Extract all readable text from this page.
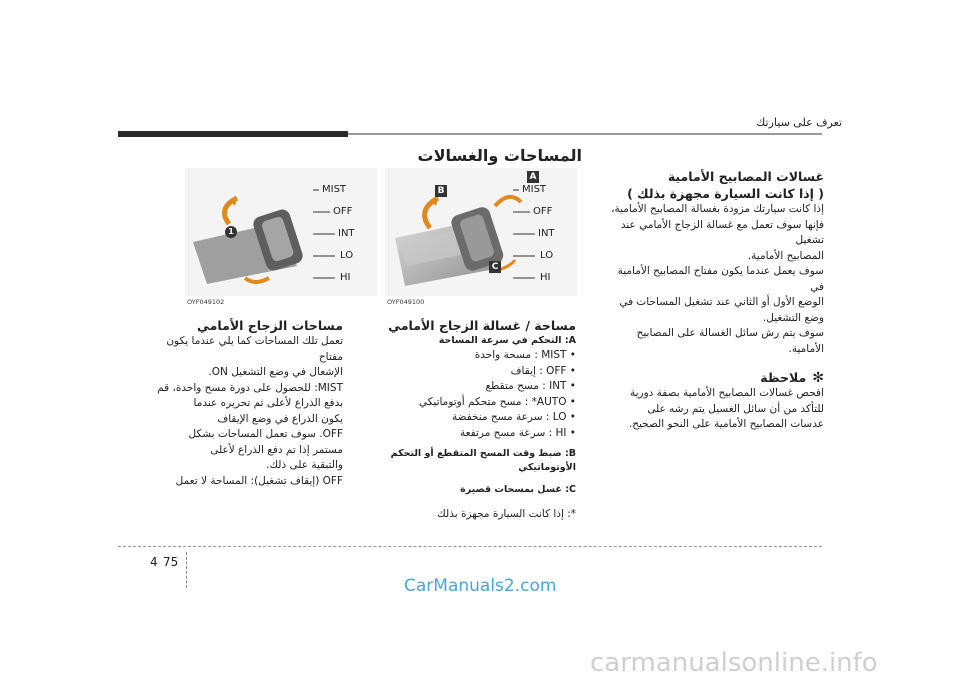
تعرف على سيارتك
المساحات والغسالات
غسالات المصابيح الأمامية
( إذا كانت السيارة مجهزة بذلك )

إذا كانت سيارتك مزودة بغسالة المصابيح الأمامية،

فإنها سوف تعمل مع غسالة الزجاج الأمامي عند تشغيل

المصابيح الأمامية.

سوف يعمل عندما يكون مفتاح المصابيح الأمامية في

الوضع الأول أو الثاني عند تشغيل المساحات في

وضع التشغيل.

سوف يتم رش سائل الغسالة على المصابيح الأمامية.

✻
ملاحظة

افحص غسالات المصابيح الأمامية بصفة دورية

للتأكد من أن سائل الغسيل يتم رشه على

عدسات المصابيح الأمامية على النحو الصحيح.

MIST
OFF
INT
LO
HI
A
B
C
OYF049100
مساحة / غسالة الزجاج الأمامي
A: التحكم في سرعة المساحة
• MIST : مسحة واحدة
• OFF : إيقاف
• INT : مسح متقطع
• AUTO* : مسح متحكم أوتوماتيكي
• LO : سرعة مسح منخفضة
• HI : سرعة مسح مرتفعة
B: ضبط وقت المسح المتقطع أو التحكم
الأوتوماتيكي
C: غسل بمسحات قصيرة
*: إذا كانت السيارة مجهزة بذلك
MIST
OFF
INT
LO
HI
1
OYF049102
مساحات الزجاج الأمامي

تعمل تلك المساحات كما يلي عندما يكون مفتاح

الإشعال في وضع التشغيل ON.

MIST: للحصول على دورة مسح واحدة، قم

بدفع الذراع لأعلى ثم تحريره عندما

يكون الذراع في وضع الإيقاف

OFF. سوف تعمل المساحات بشكل

مستمر إذا تم دفع الذراع لأعلى

والتبقية على ذلك.

OFF (إيقاف تشغيل): المساحة لا تعمل

4 75
CarManuals2.com
carmanualsonline.info
